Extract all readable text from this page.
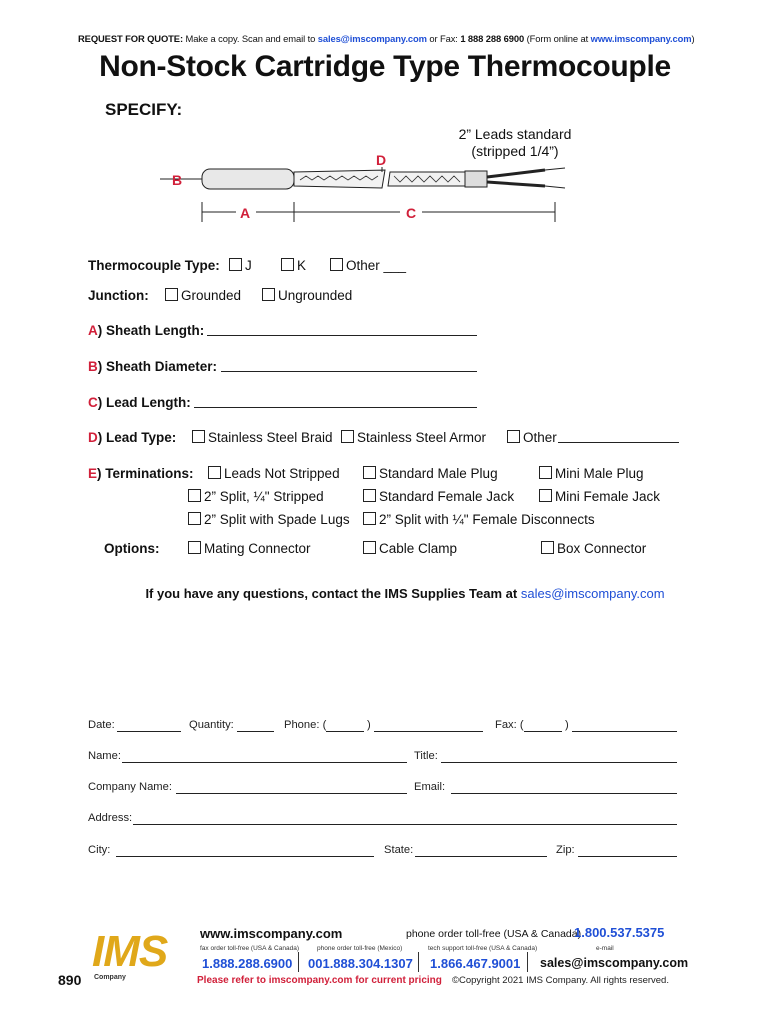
REQUEST FOR QUOTE: Make a copy. Scan and email to sales@imscompany.com or Fax: 1 888 288 6900 (Form online at www.imscompany.com)
Non-Stock Cartridge Type Thermocouple
SPECIFY:
2” Leads standard
(stripped 1/4”)
B
D
A	C
Thermocouple Type:	J	K	Other ___
Junction:	Grounded	Ungrounded
A) Sheath Length:
B) Sheath Diameter:
C) Lead Length:
D) Lead Type:	Stainless Steel Braid	Stainless Steel Armor	Other
E) Terminations:	Leads Not Stripped	Standard Male Plug	Mini Male Plug
2” Split, ¼" Stripped	Standard Female Jack	Mini Female Jack
2” Split with Spade Lugs	2” Split with ¼" Female Disconnects
Options:	Mating Connector	Cable Clamp	Box Connector
If you have any questions, contact the IMS Supplies Team at sales@imscompany.com
Date:	Quantity:	Phone: (	)	Fax: (	)
Name:	Title:
Company Name:	Email:
Address:
City:	State:	Zip:
890
IMS
Company
www.imscompany.com	phone order toll-free (USA & Canada)
1.800.537.5375
fax order toll-free (USA & Canada)	phone order toll-free (Mexico)	tech support toll-free (USA & Canada)	e-mail
1.888.288.6900 001.888.304.1307 1.866.467.9001 sales@imscompany.com
Please refer to imscompany.com for current pricing ©Copyright 2021 IMS Company. All rights reserved.
